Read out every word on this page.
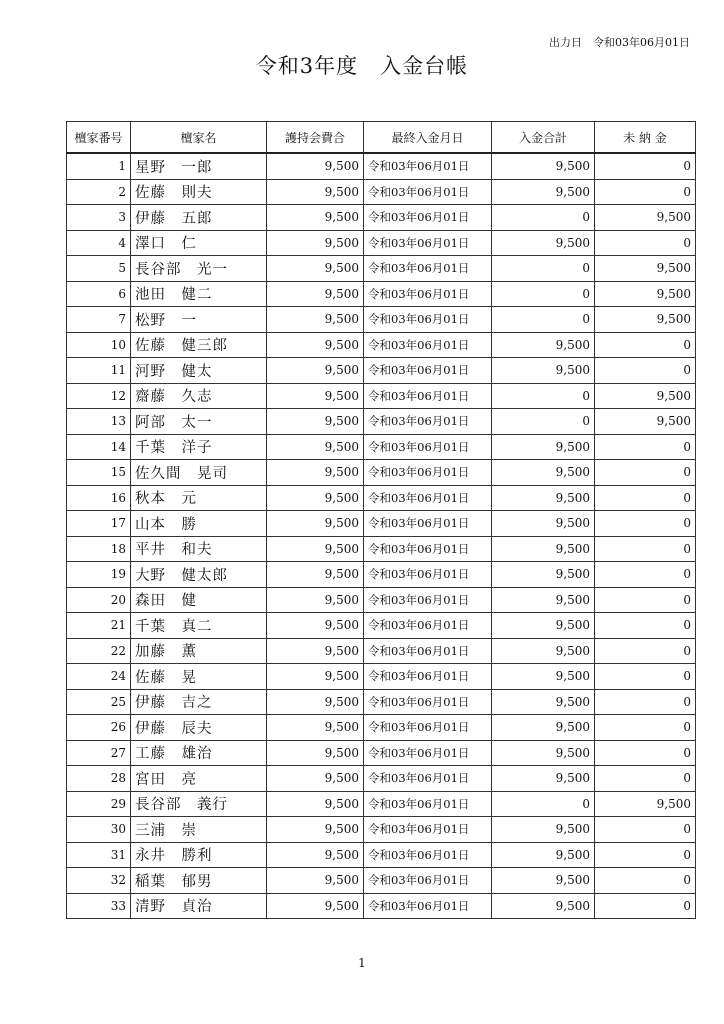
出力日　 令和03年06月01日
令和3年度　入金台帳
檀家番号	檀家名	護持会費合	最終入金月日	入金合計	未 納 金
1	星野　一郎	9,500	令和03年06月01日	9,500	0
2	佐藤　則夫	9,500	令和03年06月01日	9,500	0
3	伊藤　五郎	9,500	令和03年06月01日	0	9,500
4	澤口　仁	9,500	令和03年06月01日	9,500	0
5	長谷部　光一	9,500	令和03年06月01日	0	9,500
6	池田　健二	9,500	令和03年06月01日	0	9,500
7	松野　一	9,500	令和03年06月01日	0	9,500
10	佐藤　健三郎	9,500	令和03年06月01日	9,500	0
11	河野　健太	9,500	令和03年06月01日	9,500	0
12	齋藤　久志	9,500	令和03年06月01日	0	9,500
13	阿部　太一	9,500	令和03年06月01日	0	9,500
14	千葉　洋子	9,500	令和03年06月01日	9,500	0
15	佐久間　晃司	9,500	令和03年06月01日	9,500	0
16	秋本　元	9,500	令和03年06月01日	9,500	0
17	山本　勝	9,500	令和03年06月01日	9,500	0
18	平井　和夫	9,500	令和03年06月01日	9,500	0
19	大野　健太郎	9,500	令和03年06月01日	9,500	0
20	森田　健	9,500	令和03年06月01日	9,500	0
21	千葉　真二	9,500	令和03年06月01日	9,500	0
22	加藤　薫	9,500	令和03年06月01日	9,500	0
24	佐藤　晃	9,500	令和03年06月01日	9,500	0
25	伊藤　吉之	9,500	令和03年06月01日	9,500	0
26	伊藤　辰夫	9,500	令和03年06月01日	9,500	0
27	工藤　雄治	9,500	令和03年06月01日	9,500	0
28	宮田　亮	9,500	令和03年06月01日	9,500	0
29	長谷部　義行	9,500	令和03年06月01日	0	9,500
30	三浦　崇	9,500	令和03年06月01日	9,500	0
31	永井　勝利	9,500	令和03年06月01日	9,500	0
32	稲葉　郁男	9,500	令和03年06月01日	9,500	0
33	清野　貞治	9,500	令和03年06月01日	9,500	0
1
